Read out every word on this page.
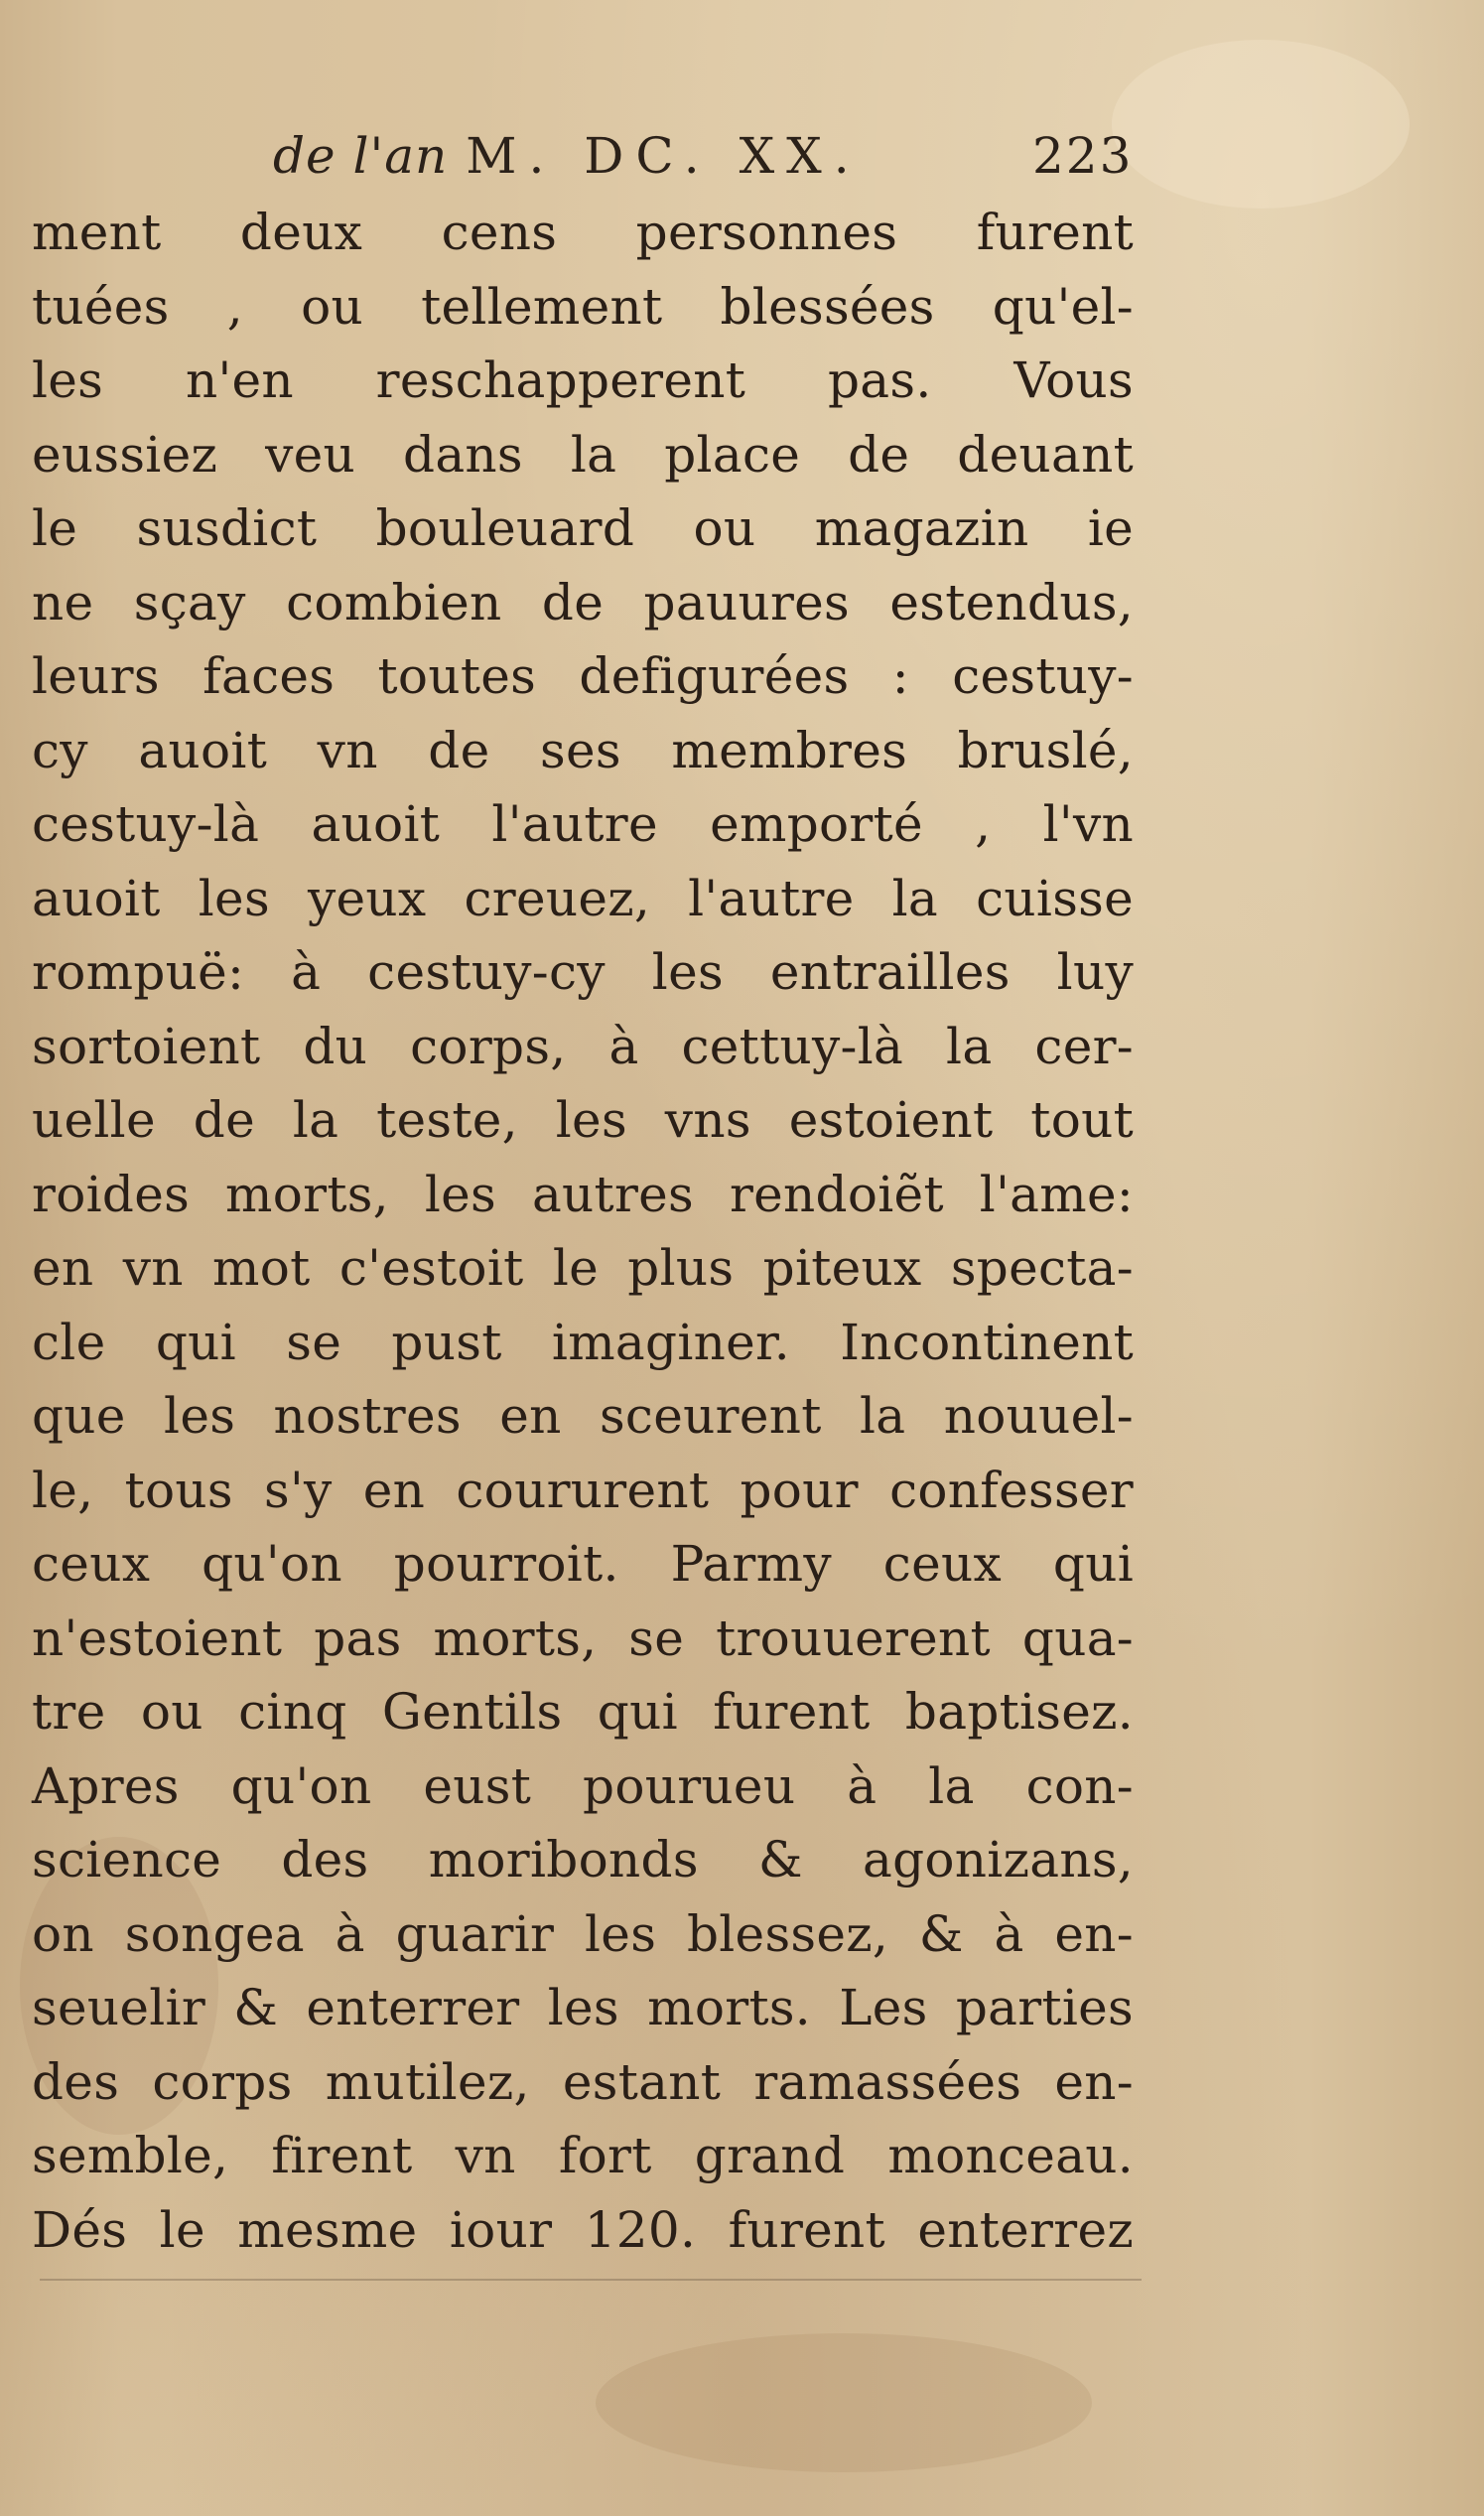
de l'an M. DC. XX.	223
ment deux cens personnes furent
tuées , ou tellement blessées qu'el-
les n'en reschapperent pas. Vous
eussiez veu dans la place de deuant
le susdict bouleuard ou magazin ie
ne sçay combien de pauures estendus,
leurs faces toutes defigurées : cestuy-
cy auoit vn de ses membres bruslé,
cestuy-là auoit l'autre emporté , l'vn
auoit les yeux creuez, l'autre la cuisse
rompuë: à cestuy-cy les entrailles luy
sortoient du corps, à cettuy-là la cer-
uelle de la teste, les vns estoient tout
roides morts, les autres rendoiẽt l'ame:
en vn mot c'estoit le plus piteux specta-
cle qui se pust imaginer. Incontinent
que les nostres en sceurent la nouuel-
le, tous s'y en coururent pour confesser
ceux qu'on pourroit. Parmy ceux qui
n'estoient pas morts, se trouuerent qua-
tre ou cinq Gentils qui furent baptisez.
Apres qu'on eust pourueu à la con-
science des moribonds & agonizans,
on songea à guarir les blessez, & à en-
seuelir & enterrer les morts. Les parties
des corps mutilez, estant ramassées en-
semble, firent vn fort grand monceau.
Dés le mesme iour 120. furent enterrez
